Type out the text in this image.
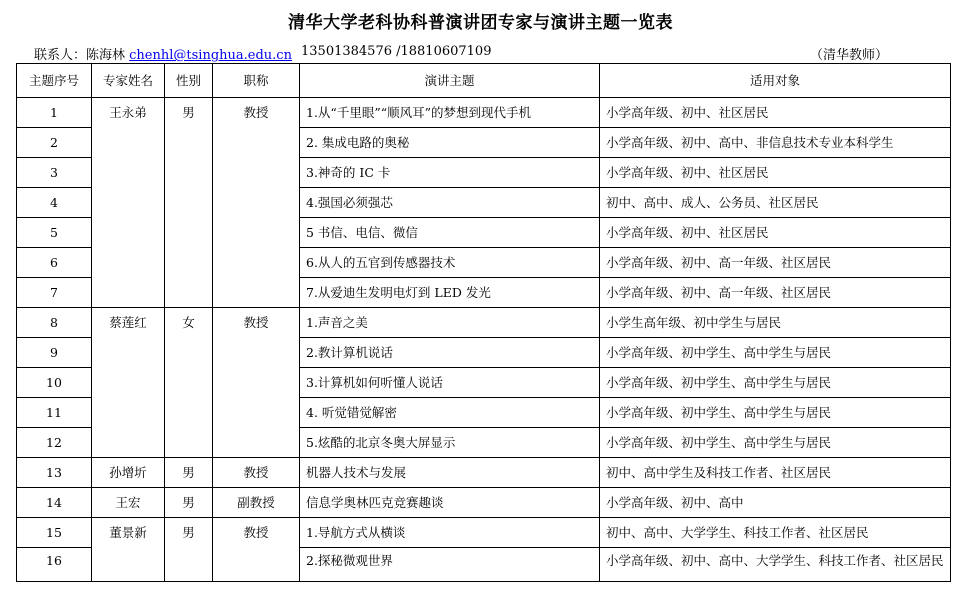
清华大学老科协科普演讲团专家与演讲主题一览表
联系人：陈海林 chenhl@tsinghua.edu.cn 13501384576 /18810607109	（清华教师）
主题序号	专家姓名	性别	职称	演讲主题	适用对象
1	王永弟	男	教授	1.从“千里眼”“顺风耳”的梦想到现代手机	小学高年级、初中、社区居民
2				2. 集成电路的奥秘	小学高年级、初中、高中、非信息技术专业本科学生
3				3.神奇的 IC 卡	小学高年级、初中、社区居民
4				4.强国必须强芯	初中、高中、成人、公务员、社区居民
5				5 书信、电信、微信	小学高年级、初中、社区居民
6				6.从人的五官到传感器技术	小学高年级、初中、高一年级、社区居民
7				7.从爱迪生发明电灯到 LED 发光	小学高年级、初中、高一年级、社区居民
8	蔡莲红	女	教授	1.声音之美	小学生高年级、初中学生与居民
9				2.教计算机说话	小学高年级、初中学生、高中学生与居民
10				3.计算机如何听懂人说话	小学高年级、初中学生、高中学生与居民
11				4. 听觉错觉解密	小学高年级、初中学生、高中学生与居民
12				5.炫酷的北京冬奥大屏显示	小学高年级、初中学生、高中学生与居民
13	孙增圻	男	教授	机器人技术与发展	初中、高中学生及科技工作者、社区居民
14	王宏	男	副教授	信息学奥林匹克竞赛趣谈	小学高年级、初中、高中
15	董景新	男	教授	1.导航方式从横谈	初中、高中、大学学生、科技工作者、社区居民
16				2.探秘微观世界	小学高年级、初中、高中、大学学生、科技工作者、社区居民
